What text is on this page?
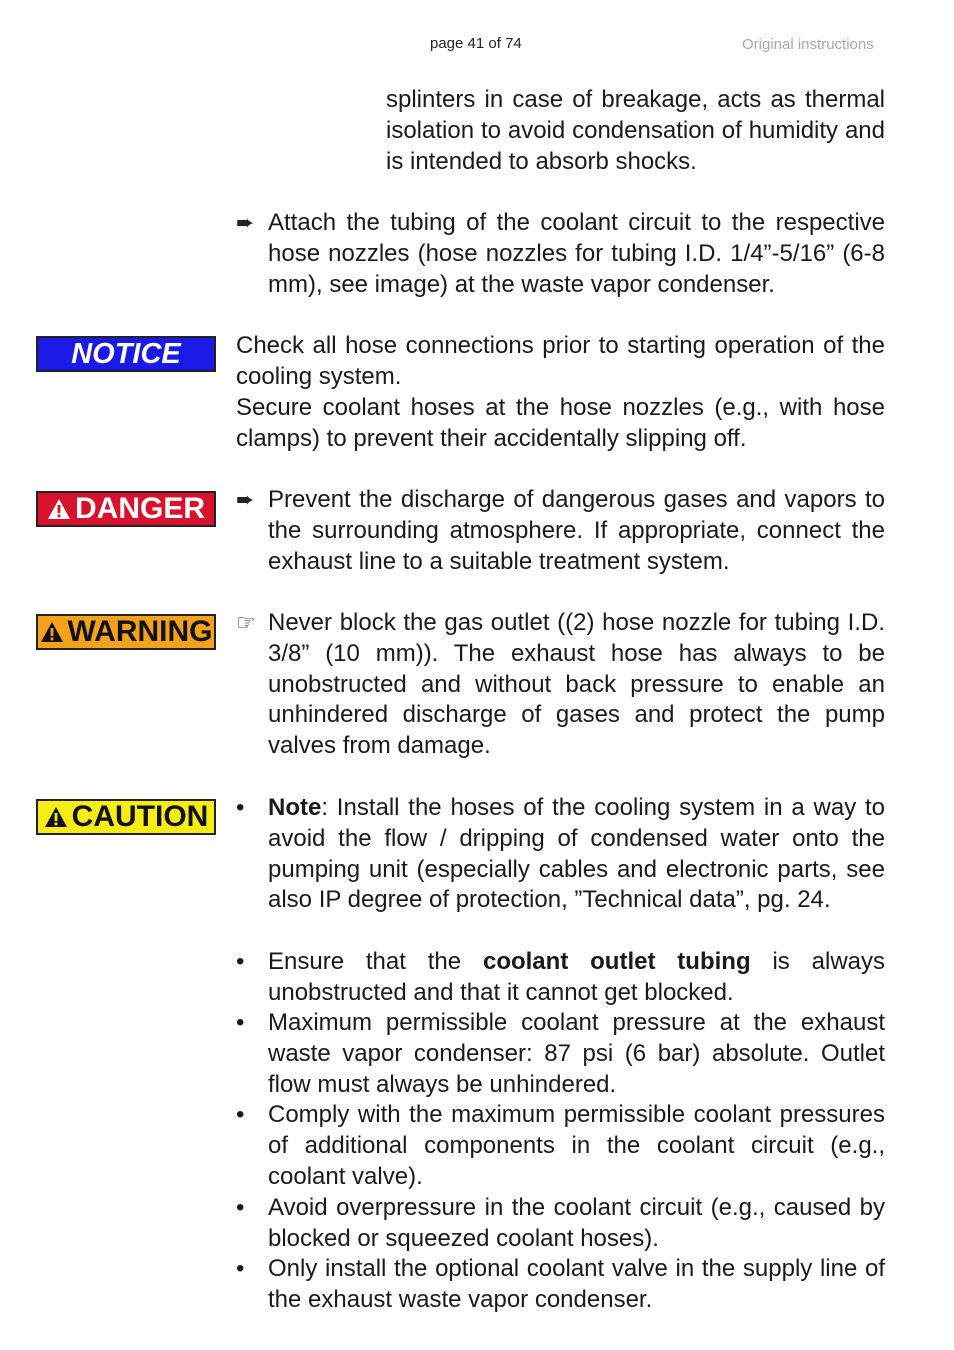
page 41 of 74	Original instructions
splinters in case of breakage, acts as thermal isolation to avoid condensation of humidity and is intended to absorb shocks.
➨ Attach the tubing of the coolant circuit to the respective hose nozzles (hose nozzles for tubing I.D. 1/4”-5/16” (6-8 mm), see image) at the waste vapor condenser.
NOTICE Check all hose connections prior to starting operation of the cooling system.
Secure coolant hoses at the hose nozzles (e.g., with hose clamps) to prevent their accidentally slipping off.
DANGER ➨ Prevent the discharge of dangerous gases and vapors to the surrounding atmosphere. If appropriate, connect the exhaust line to a suitable treatment system.
WARNING ☞ Never block the gas outlet ((2) hose nozzle for tubing I.D. 3/8” (10 mm)). The exhaust hose has always to be unobstructed and without back pressure to enable an unhindered discharge of gases and protect the pump valves from damage.
CAUTION • Note: Install the hoses of the cooling system in a way to avoid the flow / dripping of condensed water onto the pumping unit (especially cables and electronic parts, see also IP degree of protection, ”Technical data”, pg. 24.
• Ensure that the coolant outlet tubing is always unobstructed and that it cannot get blocked.
• Maximum permissible coolant pressure at the exhaust waste vapor condenser: 87 psi (6 bar) absolute. Outlet flow must always be unhindered.
• Comply with the maximum permissible coolant pressures of additional components in the coolant circuit (e.g., coolant valve).
• Avoid overpressure in the coolant circuit (e.g., caused by blocked or squeezed coolant hoses).
• Only install the optional coolant valve in the supply line of the exhaust waste vapor condenser.
